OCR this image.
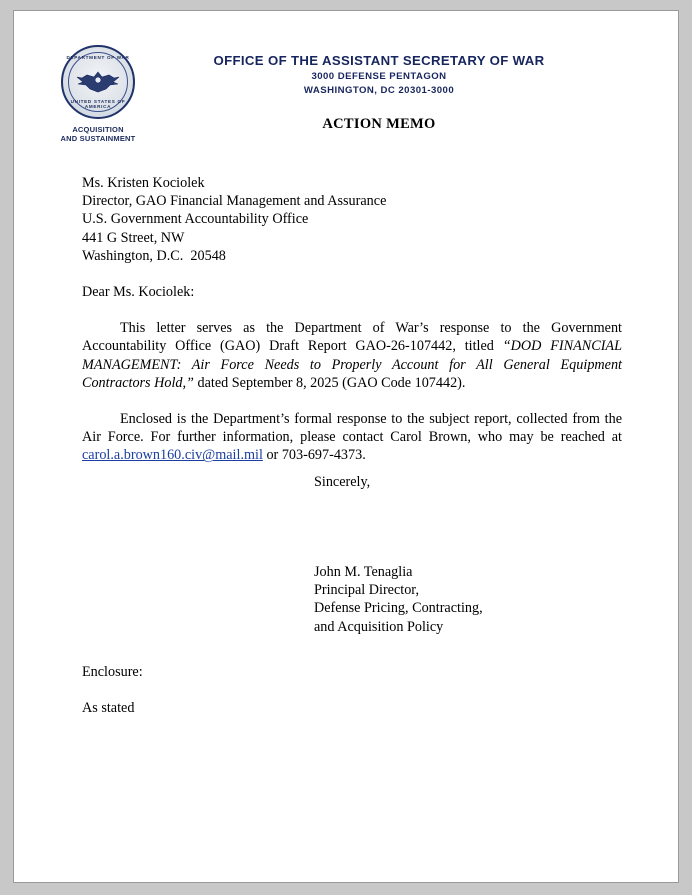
DEPARTMENT OF WAR
UNITED STATES OF AMERICA
ACQUISITION
AND SUSTAINMENT
OFFICE OF THE ASSISTANT SECRETARY OF WAR
3000 DEFENSE PENTAGON
WASHINGTON, DC 20301-3000
ACTION MEMO
Ms. Kristen Kociolek
Director, GAO Financial Management and Assurance
U.S. Government Accountability Office
441 G Street, NW
Washington, D.C.  20548
Dear Ms. Kociolek:
This letter serves as the Department of War’s response to the Government Accountability Office (GAO) Draft Report GAO-26-107442, titled “DOD FINANCIAL MANAGEMENT: Air Force Needs to Properly Account for All General Equipment Contractors Hold,” dated September 8, 2025 (GAO Code 107442).
Enclosed is the Department’s formal response to the subject report, collected from the Air Force. For further information, please contact Carol Brown, who may be reached at carol.a.brown160.civ@mail.mil or 703-697-4373.
Sincerely,
John M. Tenaglia
Principal Director,
Defense Pricing, Contracting,
and Acquisition Policy
Enclosure:
As stated
